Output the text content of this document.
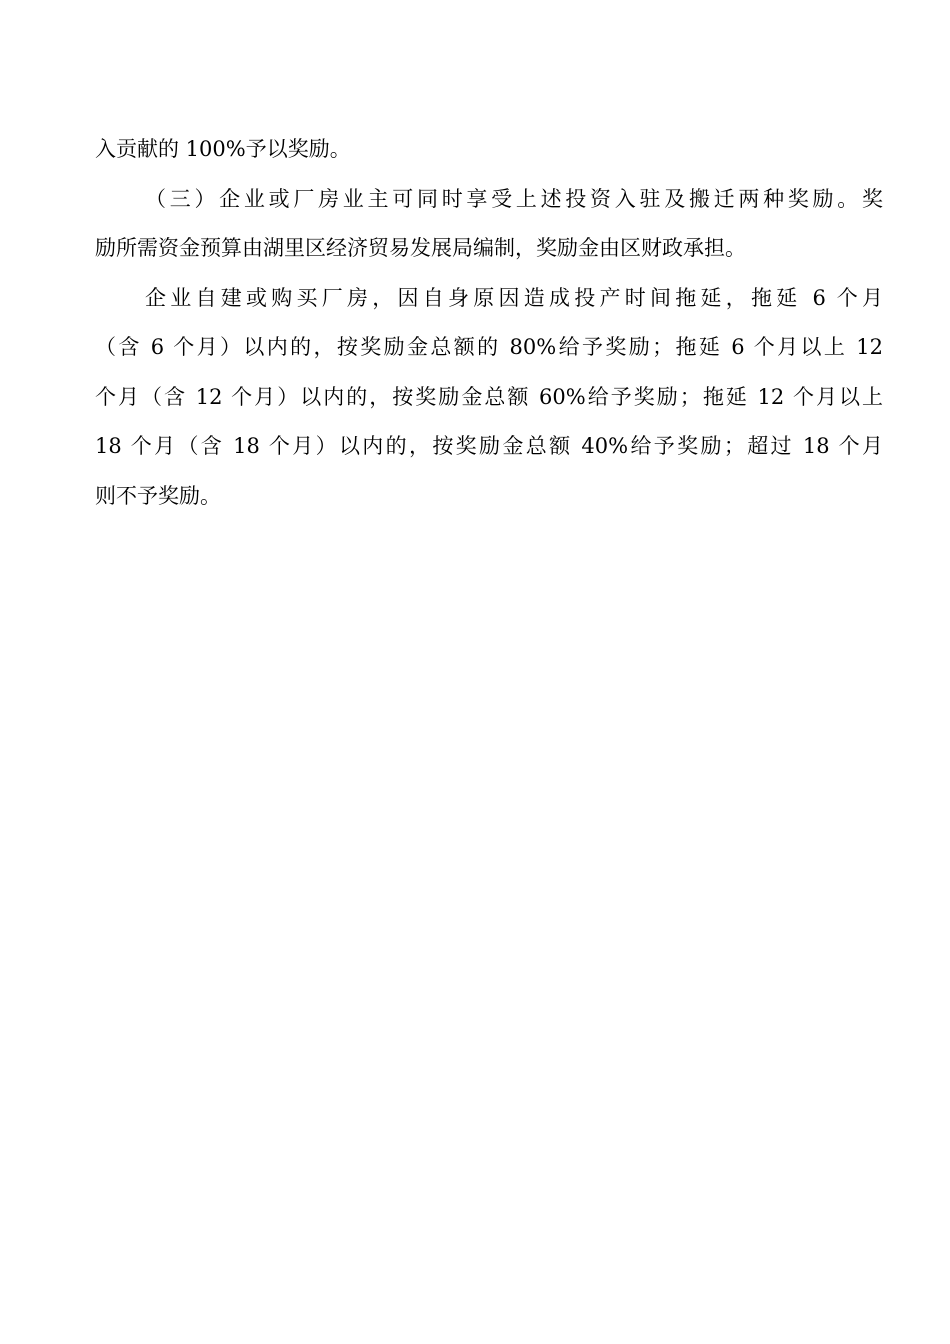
入贡献的 100%予以奖励。
（三）企业或厂房业主可同时享受上述投资入驻及搬迁两种奖励。奖
励所需资金预算由湖里区经济贸易发展局编制，奖励金由区财政承担。
企业自建或购买厂房，因自身原因造成投产时间拖延，拖延 6 个月
（含 6 个月）以内的，按奖励金总额的 80%给予奖励；拖延 6 个月以上 12
个月（含 12 个月）以内的，按奖励金总额 60%给予奖励；拖延 12 个月以上
18 个月（含 18 个月）以内的，按奖励金总额 40%给予奖励；超过 18 个月
则不予奖励。
